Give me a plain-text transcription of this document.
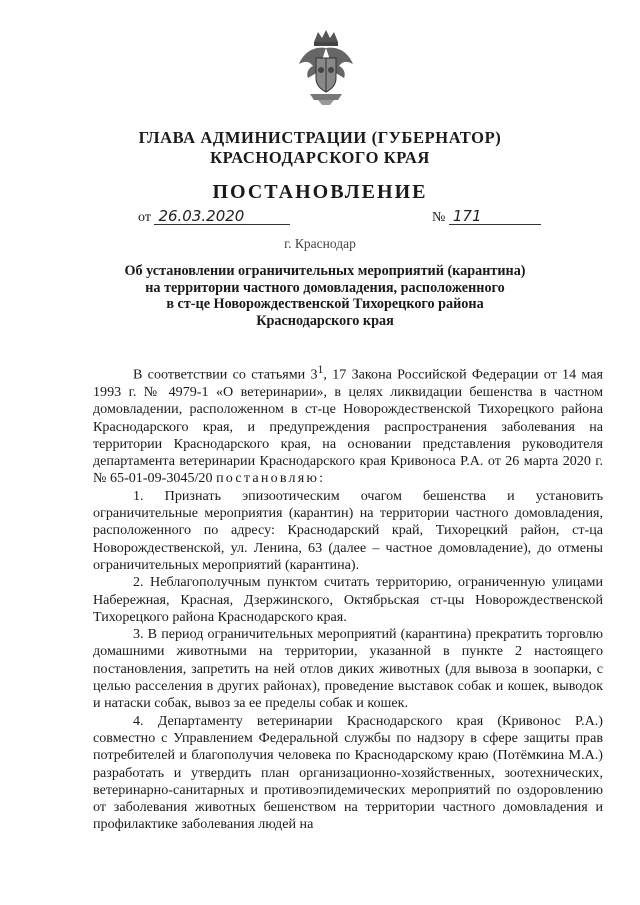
ГЛАВА АДМИНИСТРАЦИИ (ГУБЕРНАТОР)
КРАСНОДАРСКОГО КРАЯ
ПОСТАНОВЛЕНИЕ
от 26.03.2020	№ 171
г. Краснодар
Об установлении ограничительных мероприятий (карантина)
на территории частного домовладения, расположенного
в ст-це Новорождественской Тихорецкого района
Краснодарского края

В соответствии со статьями $3^1$, 17 Закона Российской Федерации от 14 мая 1993 г. № 4979-1 «О ветеринарии», в целях ликвидации бешенства в частном домовладении, расположенном в ст-це Новорождественской Тихорецкого района Краснодарского края, и предупреждения распространения заболевания на территории Краснодарского края, на основании представления руководителя департамента ветеринарии Краснодарского края Кривоноса Р.А. от 26 марта 2020 г. № 65-01-09-3045/20 постановляю:

1. Признать эпизоотическим очагом бешенства и установить ограничительные мероприятия (карантин) на территории частного домовладения, расположенного по адресу: Краснодарский край, Тихорецкий район, ст-ца Новорождественской, ул. Ленина, 63 (далее – частное домовладение), до отмены ограничительных мероприятий (карантина).

2. Неблагополучным пунктом считать территорию, ограниченную улицами Набережная, Красная, Дзержинского, Октябрьская ст-цы Новорождественской Тихорецкого района Краснодарского края.

3. В период ограничительных мероприятий (карантина) прекратить торговлю домашними животными на территории, указанной в пункте 2 настоящего постановления, запретить на ней отлов диких животных (для вывоза в зоопарки, с целью расселения в других районах), проведение выставок собак и кошек, выводок и натаски собак, вывоз за ее пределы собак и кошек.

4. Департаменту ветеринарии Краснодарского края (Кривонос Р.А.) совместно с Управлением Федеральной службы по надзору в сфере защиты прав потребителей и благополучия человека по Краснодарскому краю (Потёмкина М.А.) разработать и утвердить план организационно-хозяйственных, зоотехнических, ветеринарно-санитарных и противоэпидемических мероприятий по оздоровлению от заболевания животных бешенством на территории частного домовладения и профилактике заболевания людей на
